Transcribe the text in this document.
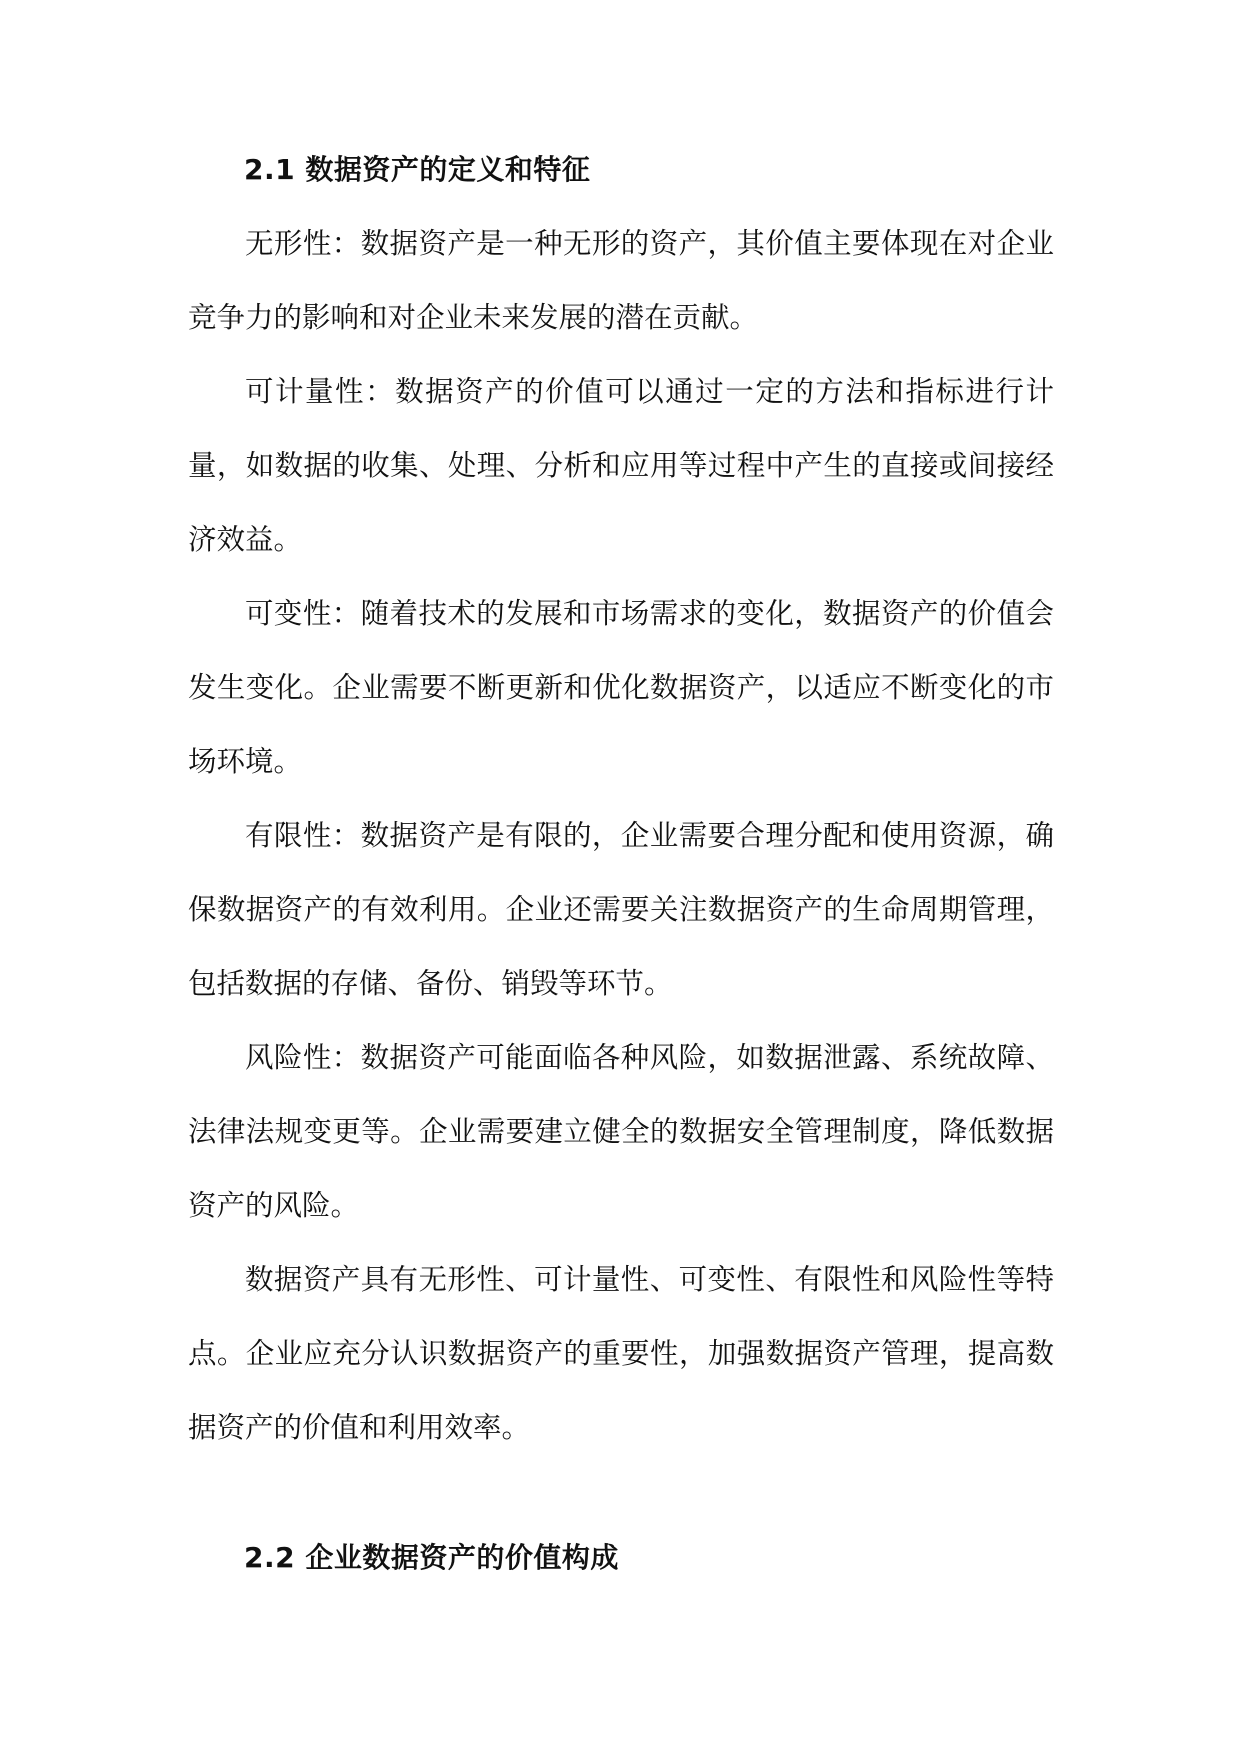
2.1 数据资产的定义和特征

无形性：数据资产是一种无形的资产，其价值主要体现在对企业竞争力的影响和对企业未来发展的潜在贡献。

可计量性：数据资产的价值可以通过一定的方法和指标进行计量，如数据的收集、处理、分析和应用等过程中产生的直接或间接经济效益。

可变性：随着技术的发展和市场需求的变化，数据资产的价值会发生变化。企业需要不断更新和优化数据资产，以适应不断变化的市场环境。

有限性：数据资产是有限的，企业需要合理分配和使用资源，确保数据资产的有效利用。企业还需要关注数据资产的生命周期管理，包括数据的存储、备份、销毁等环节。

风险性：数据资产可能面临各种风险，如数据泄露、系统故障、法律法规变更等。企业需要建立健全的数据安全管理制度，降低数据资产的风险。

数据资产具有无形性、可计量性、可变性、有限性和风险性等特点。企业应充分认识数据资产的重要性，加强数据资产管理，提高数据资产的价值和利用效率。

2.2 企业数据资产的价值构成
